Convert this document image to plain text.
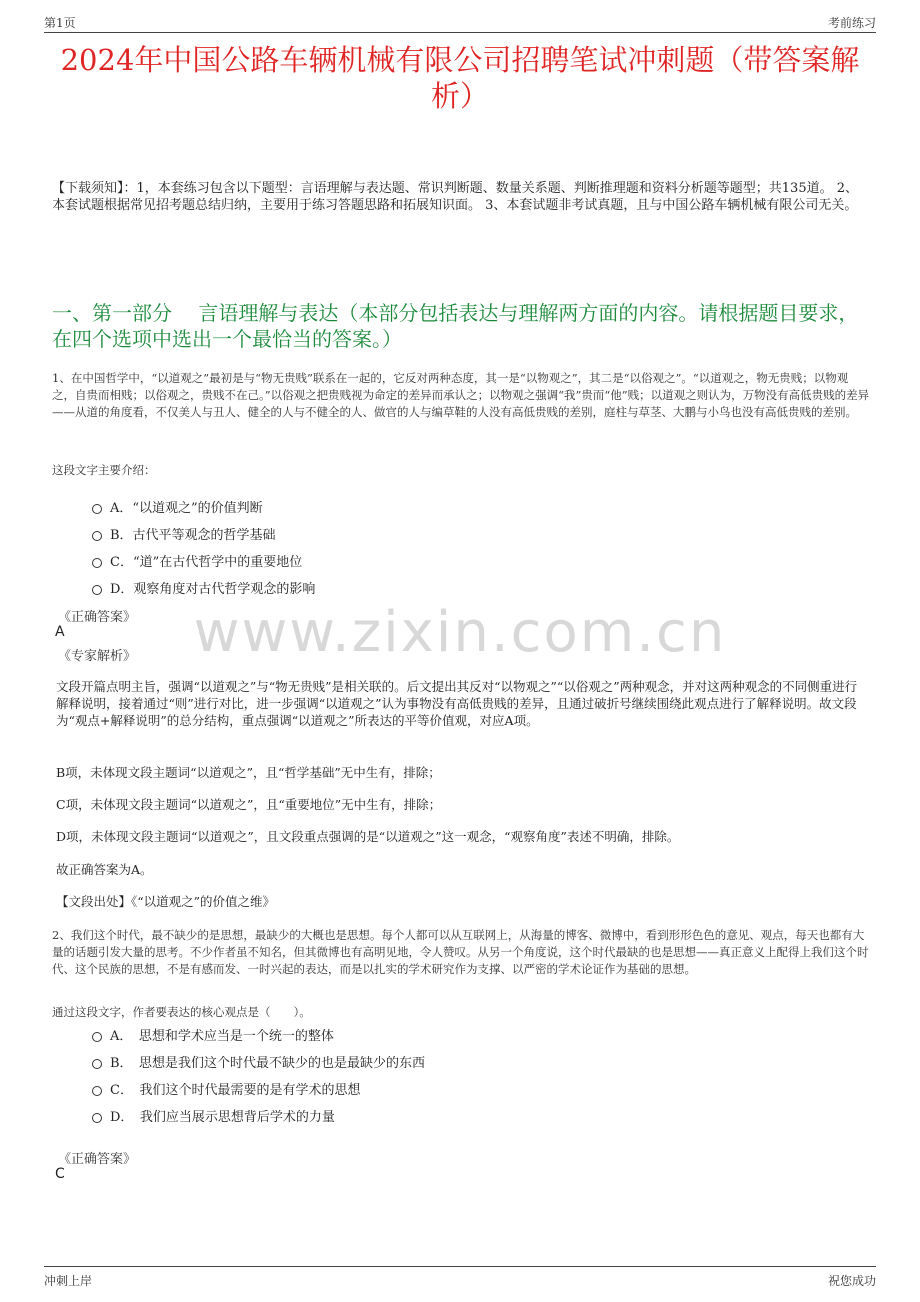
第1页	考前练习
2024年中国公路车辆机械有限公司招聘笔试冲刺题（带答案解析）
【下载须知】：1，本套练习包含以下题型：言语理解与表达题、常识判断题、数量关系题、判断推理题和资料分析题等题型；共135道。 2、本套试题根据常见招考题总结归纳，主要用于练习答题思路和拓展知识面。 3、本套试题非考试真题，且与中国公路车辆机械有限公司无关。
一、第一部分　 言语理解与表达（本部分包括表达与理解两方面的内容。请根据题目要求，在四个选项中选出一个最恰当的答案。）
1、在中国哲学中，“以道观之”最初是与“物无贵贱”联系在一起的，它反对两种态度，其一是“以物观之”，其二是“以俗观之”。“以道观之，物无贵贱；以物观之，自贵而相贱；以俗观之，贵贱不在己。”以俗观之把贵贱视为命定的差异而承认之；以物观之强调“我”贵而“他”贱；以道观之则认为，万物没有高低贵贱的差异——从道的角度看，不仅美人与丑人、健全的人与不健全的人、做官的人与编草鞋的人没有高低贵贱的差别，庭柱与草茎、大鹏与小鸟也没有高低贵贱的差别。
这段文字主要介绍：
A．“以道观之”的价值判断
B．古代平等观念的哲学基础
C．“道”在古代哲学中的重要地位
D．观察角度对古代哲学观念的影响
《正确答案》
A
《专家解析》
文段开篇点明主旨，强调“以道观之”与“物无贵贱”是相关联的。后文提出其反对“以物观之”“以俗观之”两种观念，并对这两种观念的不同侧重进行解释说明，接着通过“则”进行对比，进一步强调“以道观之”认为事物没有高低贵贱的差异，且通过破折号继续围绕此观点进行了解释说明。故文段为“观点+解释说明”的总分结构，重点强调“以道观之”所表达的平等价值观，对应A项。
B项，未体现文段主题词“以道观之”，且“哲学基础”无中生有，排除；
C项，未体现文段主题词“以道观之”，且“重要地位”无中生有，排除；
D项，未体现文段主题词“以道观之”，且文段重点强调的是“以道观之”这一观念，“观察角度”表述不明确，排除。
故正确答案为A。
【文段出处】《“以道观之”的价值之维》
2、我们这个时代，最不缺少的是思想，最缺少的大概也是思想。每个人都可以从互联网上，从海量的博客、微博中，看到形形色色的意见、观点，每天也都有大量的话题引发大量的思考。不少作者虽不知名，但其微博也有高明见地，令人赞叹。从另一个角度说，这个时代最缺的也是思想——真正意义上配得上我们这个时代、这个民族的思想，不是有感而发、一时兴起的表达，而是以扎实的学术研究作为支撑、以严密的学术论证作为基础的思想。
通过这段文字，作者要表达的核心观点是（　　）。
A．　思想和学术应当是一个统一的整体
B．　思想是我们这个时代最不缺少的也是最缺少的东西
C．　我们这个时代最需要的是有学术的思想
D．　我们应当展示思想背后学术的力量
《正确答案》
C
www.zixin.com.cn
冲刺上岸	祝您成功
